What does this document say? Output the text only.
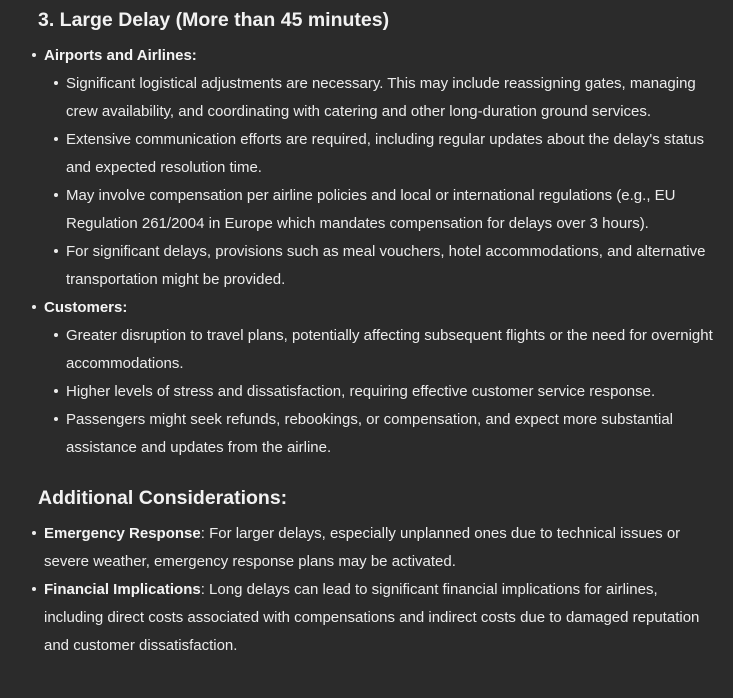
3. Large Delay (More than 45 minutes)
Airports and Airlines:
Significant logistical adjustments are necessary. This may include reassigning gates, managing crew availability, and coordinating with catering and other long-duration ground services.
Extensive communication efforts are required, including regular updates about the delay's status and expected resolution time.
May involve compensation per airline policies and local or international regulations (e.g., EU Regulation 261/2004 in Europe which mandates compensation for delays over 3 hours).
For significant delays, provisions such as meal vouchers, hotel accommodations, and alternative transportation might be provided.
Customers:
Greater disruption to travel plans, potentially affecting subsequent flights or the need for overnight accommodations.
Higher levels of stress and dissatisfaction, requiring effective customer service response.
Passengers might seek refunds, rebookings, or compensation, and expect more substantial assistance and updates from the airline.
Additional Considerations:
Emergency Response: For larger delays, especially unplanned ones due to technical issues or severe weather, emergency response plans may be activated.
Financial Implications: Long delays can lead to significant financial implications for airlines, including direct costs associated with compensations and indirect costs due to damaged reputation and customer dissatisfaction.
